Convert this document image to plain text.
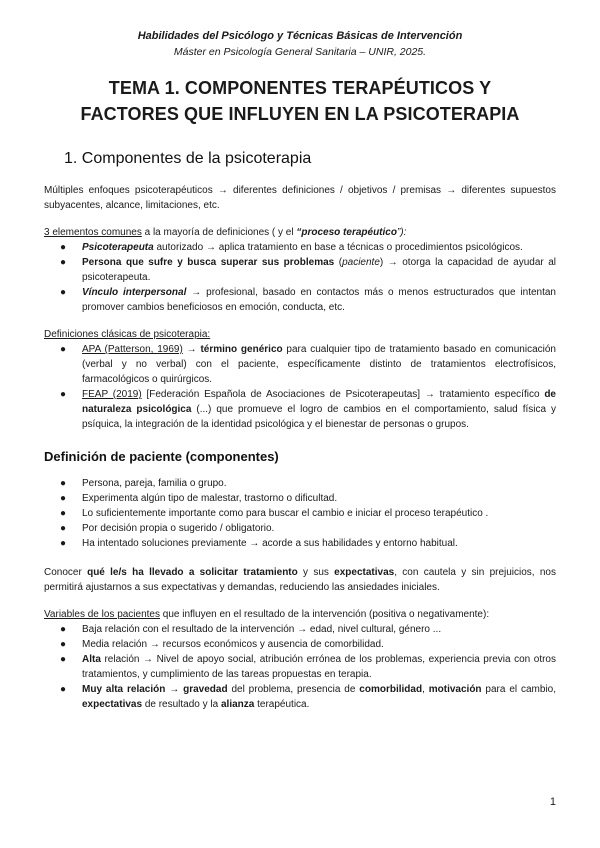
Habilidades del Psicólogo y Técnicas Básicas de Intervención
Máster en Psicología General Sanitaria – UNIR, 2025.
TEMA 1. COMPONENTES TERAPÉUTICOS Y
FACTORES QUE INFLUYEN EN LA PSICOTERAPIA
1. Componentes de la psicoterapia

Múltiples enfoques psicoterapéuticos → diferentes definiciones / objetivos / premisas → diferentes supuestos subyacentes, alcance, limitaciones, etc.

3 elementos comunes a la mayoría de definiciones ( y el “proceso terapéutico”):

● Psicoterapeuta autorizado → aplica tratamiento en base a técnicas o procedimientos psicológicos.
● Persona que sufre y busca superar sus problemas (paciente) → otorga la capacidad de ayudar al psicoterapeuta.
● Vínculo interpersonal → profesional, basado en contactos más o menos estructurados que intentan promover cambios beneficiosos en emoción, conducta, etc.

Definiciones clásicas de psicoterapia:

● APA (Patterson, 1969) → término genérico para cualquier tipo de tratamiento basado en comunicación (verbal y no verbal) con el paciente, específicamente distinto de tratamientos electrofísicos, farmacológicos o quirúrgicos.
● FEAP (2019) [Federación Española de Asociaciones de Psicoterapeutas] → tratamiento específico de naturaleza psicológica (...) que promueve el logro de cambios en el comportamiento, salud física y psíquica, la integración de la identidad psicológica y el bienestar de personas o grupos.
Definición de paciente (componentes)
● Persona, pareja, familia o grupo.
● Experimenta algún tipo de malestar, trastorno o dificultad.
● Lo suficientemente importante como para buscar el cambio e iniciar el proceso terapéutico .
● Por decisión propia o sugerido / obligatorio.
● Ha intentado soluciones previamente → acorde a sus habilidades y entorno habitual.

Conocer qué le/s ha llevado a solicitar tratamiento y sus expectativas, con cautela y sin prejuicios, nos permitirá ajustarnos a sus expectativas y demandas, reduciendo las ansiedades iniciales.

Variables de los pacientes que influyen en el resultado de la intervención (positiva o negativamente):

● Baja relación con el resultado de la intervención → edad, nivel cultural, género ...
● Media relación → recursos económicos y ausencia de comorbilidad.
● Alta relación → Nivel de apoyo social, atribución errónea de los problemas, experiencia previa con otros tratamientos, y cumplimiento de las tareas propuestas en terapia.
● Muy alta relación → gravedad del problema, presencia de comorbilidad, motivación para el cambio, expectativas de resultado y la alianza terapéutica.
1
